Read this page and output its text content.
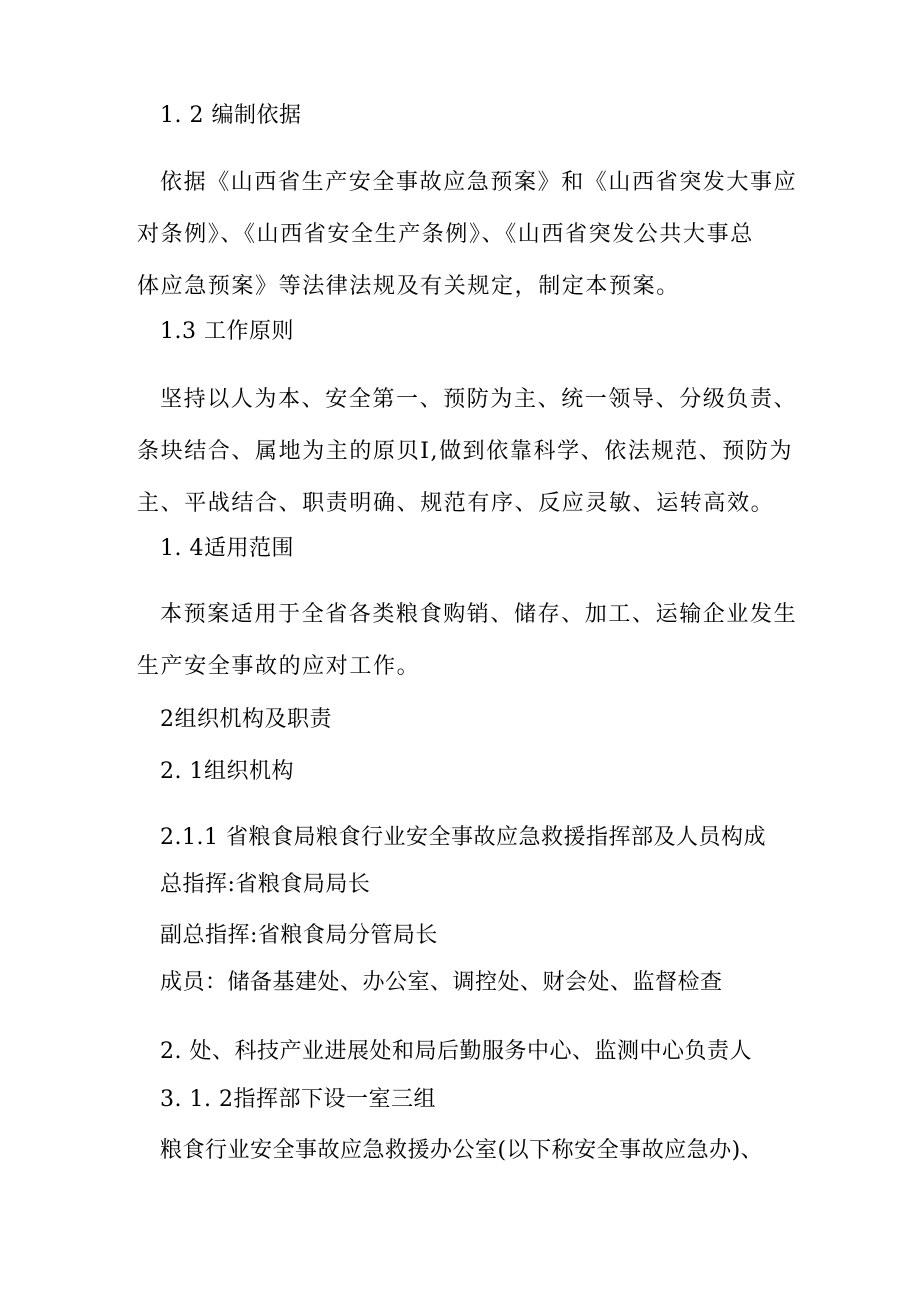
1. 2 编制依据
依据《山西省生产安全事故应急预案》和《山西省突发大事应
对条例》、《山西省安全生产条例》、《山西省突发公共大事总
体应急预案》等法律法规及有关规定，制定本预案。
1.3 工作原则
坚持以人为本、安全第一、预防为主、统一领导、分级负责、
条块结合、属地为主的原贝I,做到依靠科学、依法规范、预防为
主、平战结合、职责明确、规范有序、反应灵敏、运转高效。
1. 4适用范围
本预案适用于全省各类粮食购销、储存、加工、运输企业发生
生产安全事故的应对工作。
2组织机构及职责
2. 1组织机构
2.1.1 省粮食局粮食行业安全事故应急救援指挥部及人员构成
总指挥:省粮食局局长
副总指挥:省粮食局分管局长
成员：储备基建处、办公室、调控处、财会处、监督检查
2. 处、科技产业进展处和局后勤服务中心、监测中心负责人
3. 1. 2指挥部下设一室三组
粮食行业安全事故应急救援办公室(以下称安全事故应急办)、
